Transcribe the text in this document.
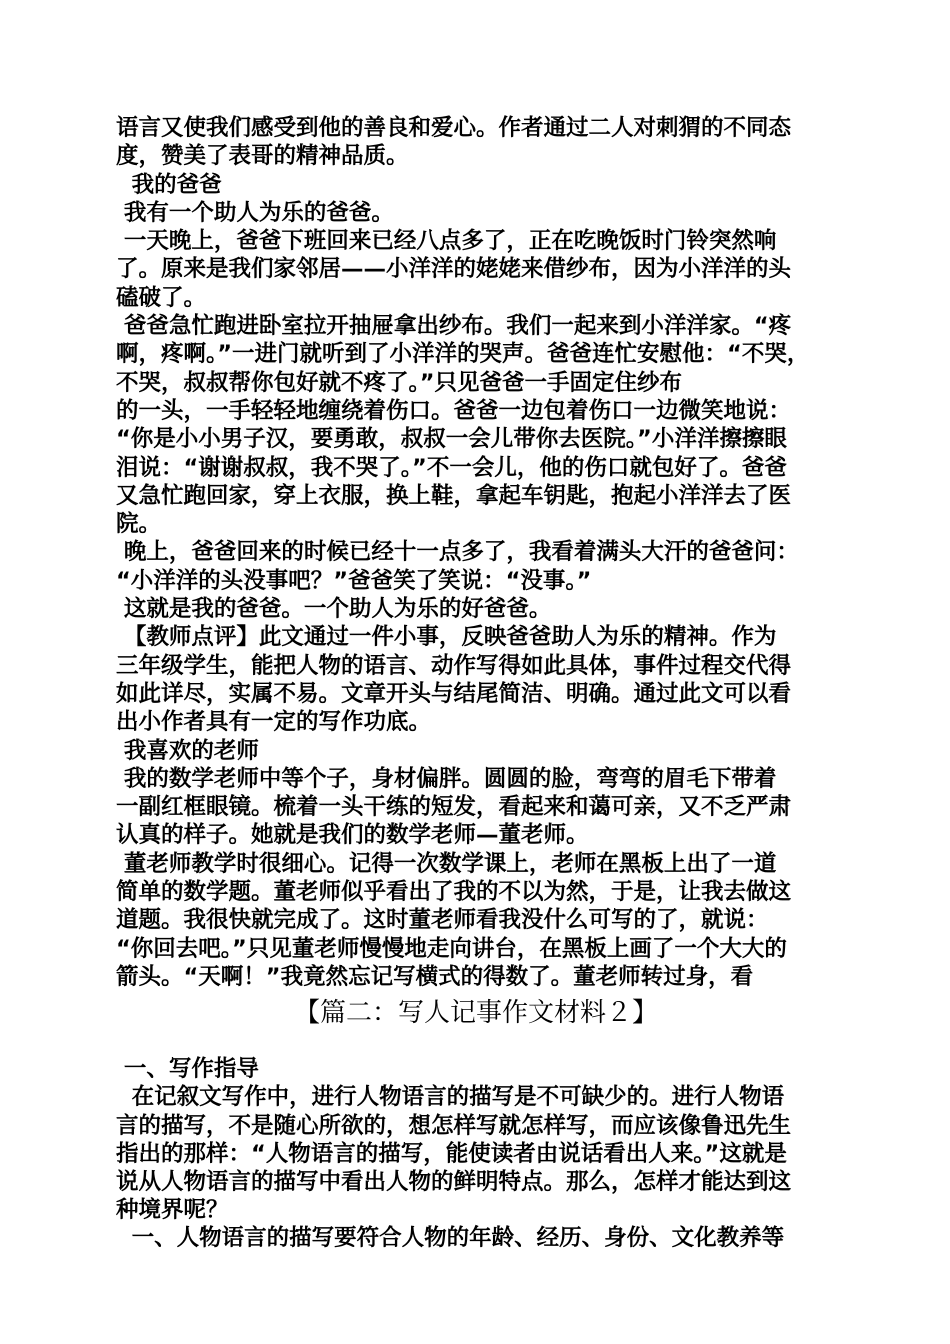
语言又使我们感受到他的善良和爱心。作者通过二人对刺猬的不同态
度，赞美了表哥的精神品质。
我的爸爸
我有一个助人为乐的爸爸。
一天晚上，爸爸下班回来已经八点多了，正在吃晚饭时门铃突然响
了。原来是我们家邻居——小洋洋的姥姥来借纱布，因为小洋洋的头
磕破了。
爸爸急忙跑进卧室拉开抽屉拿出纱布。我们一起来到小洋洋家。“疼
啊，疼啊。”一进门就听到了小洋洋的哭声。爸爸连忙安慰他：“不哭，
不哭，叔叔帮你包好就不疼了。”只见爸爸一手固定住纱布
的一头，一手轻轻地缠绕着伤口。爸爸一边包着伤口一边微笑地说：
“你是小小男子汉，要勇敢，叔叔一会儿带你去医院。”小洋洋擦擦眼
泪说：“谢谢叔叔，我不哭了。”不一会儿，他的伤口就包好了。爸爸
又急忙跑回家，穿上衣服，换上鞋，拿起车钥匙，抱起小洋洋去了医
院。
晚上，爸爸回来的时候已经十一点多了，我看着满头大汗的爸爸问：
“小洋洋的头没事吧？”爸爸笑了笑说：“没事。”
这就是我的爸爸。一个助人为乐的好爸爸。
【教师点评】此文通过一件小事，反映爸爸助人为乐的精神。作为
三年级学生，能把人物的语言、动作写得如此具体，事件过程交代得
如此详尽，实属不易。文章开头与结尾简洁、明确。通过此文可以看
出小作者具有一定的写作功底。
我喜欢的老师
我的数学老师中等个子，身材偏胖。圆圆的脸，弯弯的眉毛下带着
一副红框眼镜。梳着一头干练的短发，看起来和蔼可亲，又不乏严肃
认真的样子。她就是我们的数学老师—董老师。
董老师教学时很细心。记得一次数学课上，老师在黑板上出了一道
简单的数学题。董老师似乎看出了我的不以为然，于是，让我去做这
道题。我很快就完成了。这时董老师看我没什么可写的了，就说：
“你回去吧。”只见董老师慢慢地走向讲台，在黑板上画了一个大大的
箭头。“天啊！”我竟然忘记写横式的得数了。董老师转过身，看
【篇二：写人记事作文材料２】
一、写作指导
在记叙文写作中，进行人物语言的描写是不可缺少的。进行人物语
言的描写，不是随心所欲的，想怎样写就怎样写，而应该像鲁迅先生
指出的那样：“人物语言的描写，能使读者由说话看出人来。”这就是
说从人物语言的描写中看出人物的鲜明特点。那么，怎样才能达到这
种境界呢？
一、人物语言的描写要符合人物的年龄、经历、身份、文化教养等
